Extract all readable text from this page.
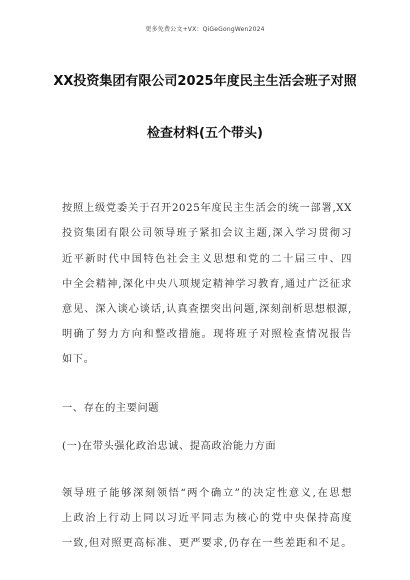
更多免费公文+VX：QiGeGongWen2024
XX投资集团有限公司2025年度民主生活会班子对照
检查材料(五个带头)
按照上级党委关于召开2025年度民主生活会的统一部署,XX
投资集团有限公司领导班子紧扣会议主题,深入学习贯彻习
近平新时代中国特色社会主义思想和党的二十届三中、四
中全会精神,深化中央八项规定精神学习教育,通过广泛征求
意见、深入谈心谈话,认真查摆突出问题,深刻剖析思想根源,
明确了努力方向和整改措施。现将班子对照检查情况报告
如下。
一、存在的主要问题
(一)在带头强化政治忠诚、提高政治能力方面
领导班子能够深刻领悟“两个确立”的决定性意义,在思想
上政治上行动上同以习近平同志为核心的党中央保持高度
一致,但对照更高标准、更严要求,仍存在一些差距和不足。
